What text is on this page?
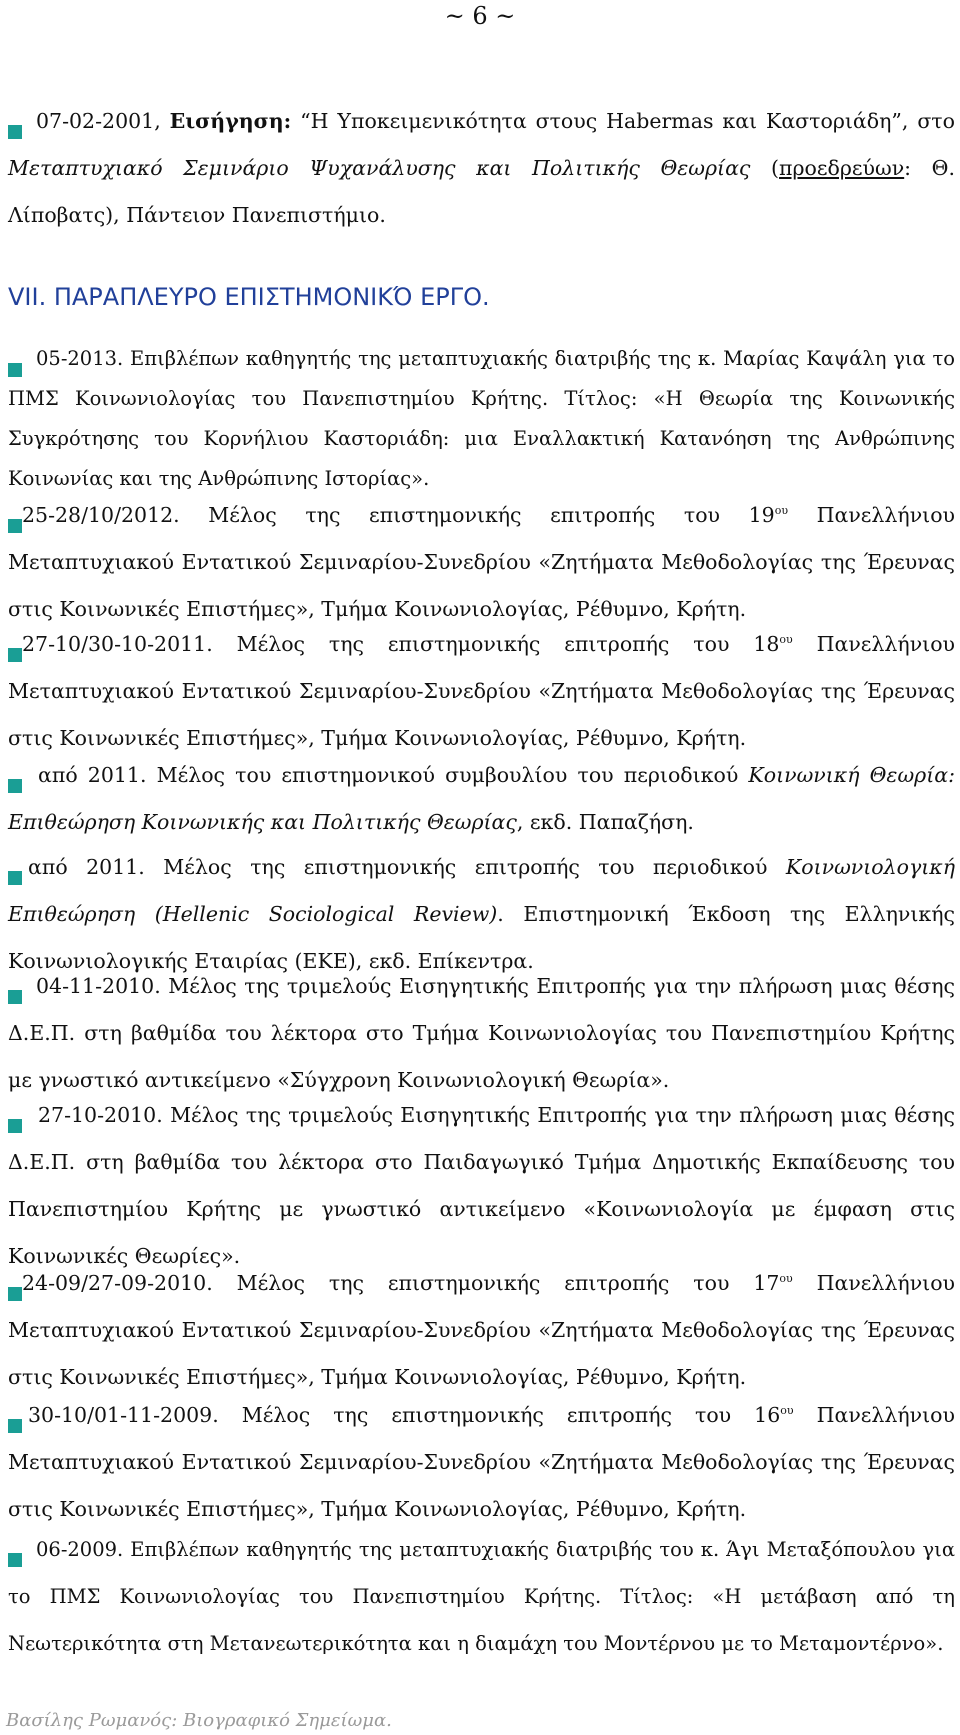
~ 6 ~
07-02-2001, Εισήγηση: “Η Υποκειμενικότητα στους Habermas και Καστοριάδη”, στο Μεταπτυχιακό Σεμινάριο Ψυχανάλυσης και Πολιτικής Θεωρίας (προεδρεύων: Θ. Λίποβατς), Πάντειον Πανεπιστήμιο.
VII. ΠΑΡΑΠΛΕΥΡΟ ΕΠΙΣΤΗΜΟΝΙΚΌ ΕΡΓΟ.
05-2013. Επιβλέπων καθηγητής της μεταπτυχιακής διατριβής της κ. Μαρίας Καψάλη για το ΠΜΣ Κοινωνιολογίας του Πανεπιστημίου Κρήτης. Τίτλος: «Η Θεωρία της Κοινωνικής Συγκρότησης του Κορνήλιου Καστοριάδη: μια Εναλλακτική Κατανόηση της Ανθρώπινης Κοινωνίας και της Ανθρώπινης Ιστορίας».
25-28/10/2012. Μέλος της επιστημονικής επιτροπής του $19^{o\upsilon}$ Πανελλήνιου Μεταπτυχιακού Εντατικού Σεμιναρίου-Συνεδρίου «Ζητήματα Μεθοδολογίας της Έρευνας στις Κοινωνικές Επιστήμες», Τμήμα Κοινωνιολογίας, Ρέθυμνο, Κρήτη.
27-10/30-10-2011. Μέλος της επιστημονικής επιτροπής του $18^{o\upsilon}$ Πανελλήνιου Μεταπτυχιακού Εντατικού Σεμιναρίου-Συνεδρίου «Ζητήματα Μεθοδολογίας της Έρευνας στις Κοινωνικές Επιστήμες», Τμήμα Κοινωνιολογίας, Ρέθυμνο, Κρήτη.
από 2011. Μέλος του επιστημονικού συμβουλίου του περιοδικού Κοινωνική Θεωρία: Επιθεώρηση Κοινωνικής και Πολιτικής Θεωρίας, εκδ. Παπαζήση.
από 2011. Μέλος της επιστημονικής επιτροπής του περιοδικού Κοινωνιολογική Επιθεώρηση (Hellenic Sociological Review). Επιστημονική Έκδοση της Ελληνικής Κοινωνιολογικής Εταιρίας (ΕΚΕ), εκδ. Επίκεντρα.
04-11-2010. Μέλος της τριμελούς Εισηγητικής Επιτροπής για την πλήρωση μιας θέσης Δ.Ε.Π. στη βαθμίδα του λέκτορα στο Τμήμα Κοινωνιολογίας του Πανεπιστημίου Κρήτης με γνωστικό αντικείμενο «Σύγχρονη Κοινωνιολογική Θεωρία».
27-10-2010. Μέλος της τριμελούς Εισηγητικής Επιτροπής για την πλήρωση μιας θέσης Δ.Ε.Π. στη βαθμίδα του λέκτορα στο Παιδαγωγικό Τμήμα Δημοτικής Εκπαίδευσης του Πανεπιστημίου Κρήτης με γνωστικό αντικείμενο «Κοινωνιολογία με έμφαση στις Κοινωνικές Θεωρίες».
24-09/27-09-2010. Μέλος της επιστημονικής επιτροπής του $17^{o\upsilon}$ Πανελλήνιου Μεταπτυχιακού Εντατικού Σεμιναρίου-Συνεδρίου «Ζητήματα Μεθοδολογίας της Έρευνας στις Κοινωνικές Επιστήμες», Τμήμα Κοινωνιολογίας, Ρέθυμνο, Κρήτη.
30-10/01-11-2009. Μέλος της επιστημονικής επιτροπής του $16^{o\upsilon}$ Πανελλήνιου Μεταπτυχιακού Εντατικού Σεμιναρίου-Συνεδρίου «Ζητήματα Μεθοδολογίας της Έρευνας στις Κοινωνικές Επιστήμες», Τμήμα Κοινωνιολογίας, Ρέθυμνο, Κρήτη.
06-2009. Επιβλέπων καθηγητής της μεταπτυχιακής διατριβής του κ. Άγι Μεταξόπουλου για το ΠΜΣ Κοινωνιολογίας του Πανεπιστημίου Κρήτης. Τίτλος: «Η μετάβαση από τη Νεωτερικότητα στη Μετανεωτερικότητα και η διαμάχη του Μοντέρνου με το Μεταμοντέρνο».
Βασίλης Ρωμανός: Βιογραφικό Σημείωμα.
